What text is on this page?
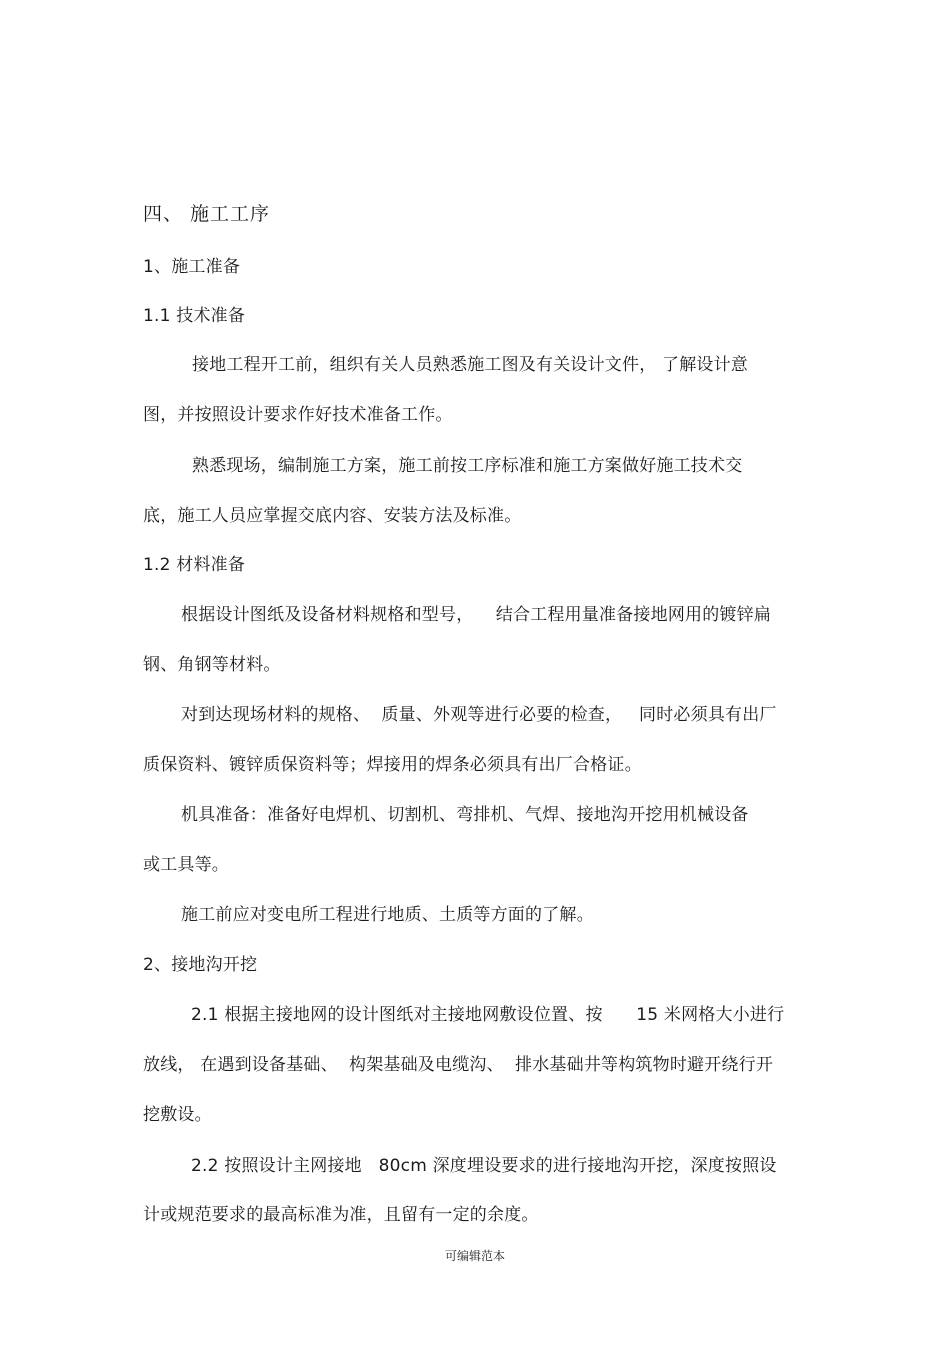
四、 施工工序
1、施工准备
1.1 技术准备
接地工程开工前，组织有关人员熟悉施工图及有关设计文件， 了解设计意
图，并按照设计要求作好技术准备工作。
熟悉现场，编制施工方案，施工前按工序标准和施工方案做好施工技术交
底，施工人员应掌握交底内容、安装方法及标准。
1.2 材料准备
根据设计图纸及设备材料规格和型号，    结合工程用量准备接地网用的镀锌扁
钢、角钢等材料。
对到达现场材料的规格、  质量、外观等进行必要的检查，   同时必须具有出厂
质保资料、镀锌质保资料等；焊接用的焊条必须具有出厂合格证。
机具准备：准备好电焊机、切割机、弯排机、气焊、接地沟开挖用机械设备
或工具等。
施工前应对变电所工程进行地质、土质等方面的了解。
2、接地沟开挖
2.1 根据主接地网的设计图纸对主接地网敷设位置、按      15 米网格大小进行
放线， 在遇到设备基础、  构架基础及电缆沟、  排水基础井等构筑物时避开绕行开
挖敷设。
2.2 按照设计主网接地   80cm 深度埋设要求的进行接地沟开挖，深度按照设
计或规范要求的最高标准为准，且留有一定的余度。
可编辑范本
